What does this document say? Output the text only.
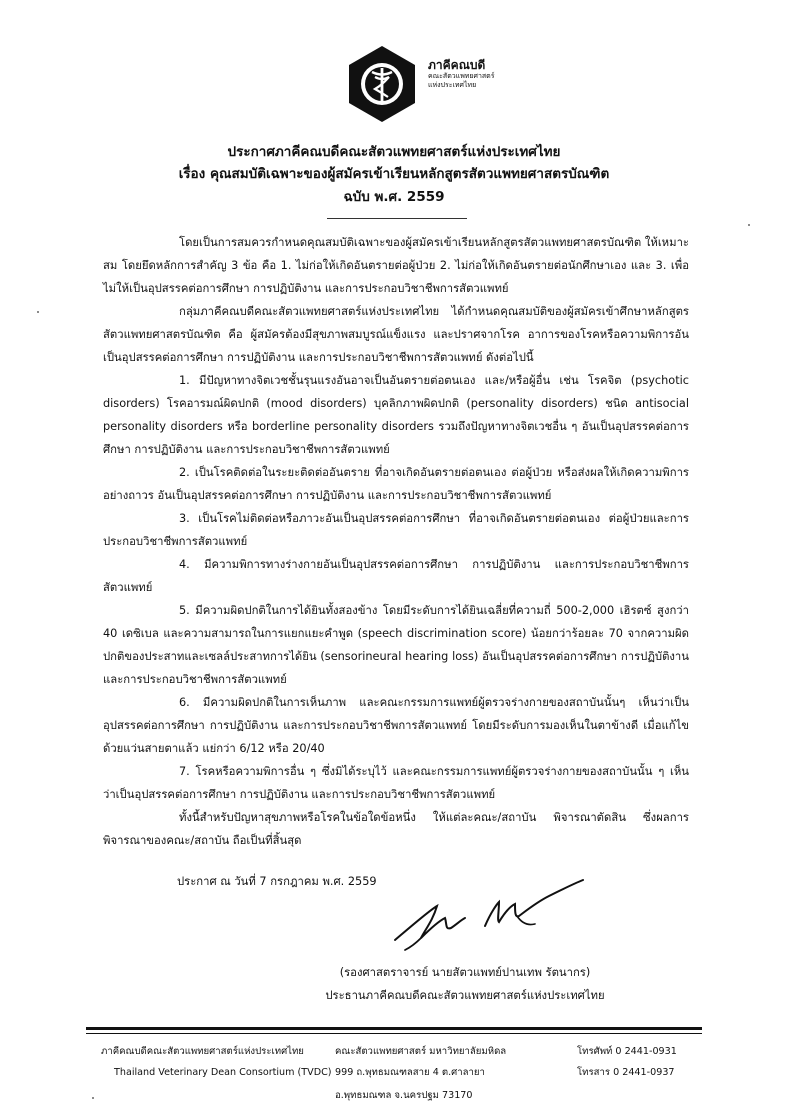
ภาคีคณบดี
คณะสัตวแพทยศาสตร์
แห่งประเทศไทย
ประกาศภาคีคณบดีคณะสัตวแพทยศาสตร์แห่งประเทศไทย
เรื่อง คุณสมบัติเฉพาะของผู้สมัครเข้าเรียนหลักสูตรสัตวแพทยศาสตรบัณฑิต
ฉบับ พ.ศ. 2559

โดยเป็นการสมควรกำหนดคุณสมบัติเฉพาะของผู้สมัครเข้าเรียนหลักสูตรสัตวแพทยศาสตรบัณฑิต ให้เหมาะสม โดยยึดหลักการสำคัญ 3 ข้อ คือ 1. ไม่ก่อให้เกิดอันตรายต่อผู้ป่วย 2. ไม่ก่อให้เกิดอันตรายต่อนักศึกษาเอง และ 3. เพื่อไม่ให้เป็นอุปสรรคต่อการศึกษา การปฏิบัติงาน และการประกอบวิชาชีพการสัตวแพทย์

กลุ่มภาคีคณบดีคณะสัตวแพทยศาสตร์แห่งประเทศไทย ได้กำหนดคุณสมบัติของผู้สมัครเข้าศึกษาหลักสูตรสัตวแพทยศาสตรบัณฑิต คือ ผู้สมัครต้องมีสุขภาพสมบูรณ์แข็งแรง และปราศจากโรค อาการของโรคหรือความพิการอันเป็นอุปสรรคต่อการศึกษา การปฏิบัติงาน และการประกอบวิชาชีพการสัตวแพทย์ ดังต่อไปนี้

1. มีปัญหาทางจิตเวชชั้นรุนแรงอันอาจเป็นอันตรายต่อตนเอง และ/หรือผู้อื่น เช่น โรคจิต (psychotic disorders) โรคอารมณ์ผิดปกติ (mood disorders) บุคลิกภาพผิดปกติ (personality disorders) ชนิด antisocial personality disorders หรือ borderline personality disorders รวมถึงปัญหาทางจิตเวชอื่น ๆ อันเป็นอุปสรรคต่อการศึกษา การปฏิบัติงาน และการประกอบวิชาชีพการสัตวแพทย์

2. เป็นโรคติดต่อในระยะติดต่ออันตราย ที่อาจเกิดอันตรายต่อตนเอง ต่อผู้ป่วย หรือส่งผลให้เกิดความพิการอย่างถาวร อันเป็นอุปสรรคต่อการศึกษา การปฏิบัติงาน และการประกอบวิชาชีพการสัตวแพทย์

3. เป็นโรคไม่ติดต่อหรือภาวะอันเป็นอุปสรรคต่อการศึกษา ที่อาจเกิดอันตรายต่อตนเอง ต่อผู้ป่วยและการประกอบวิชาชีพการสัตวแพทย์

4. มีความพิการทางร่างกายอันเป็นอุปสรรคต่อการศึกษา การปฏิบัติงาน และการประกอบวิชาชีพการสัตวแพทย์

5. มีความผิดปกติในการได้ยินทั้งสองข้าง โดยมีระดับการได้ยินเฉลี่ยที่ความถี่ 500-2,000 เฮิรตซ์ สูงกว่า 40 เดซิเบล และความสามารถในการแยกแยะคำพูด (speech discrimination score) น้อยกว่าร้อยละ 70 จากความผิดปกติของประสาทและเซลล์ประสาทการได้ยิน (sensorineural hearing loss) อันเป็นอุปสรรคต่อการศึกษา การปฏิบัติงาน และการประกอบวิชาชีพการสัตวแพทย์

6. มีความผิดปกติในการเห็นภาพ และคณะกรรมการแพทย์ผู้ตรวจร่างกายของสถาบันนั้นๆ เห็นว่าเป็นอุปสรรคต่อการศึกษา การปฏิบัติงาน และการประกอบวิชาชีพการสัตวแพทย์ โดยมีระดับการมองเห็นในตาข้างดี เมื่อแก้ไขด้วยแว่นสายตาแล้ว แย่กว่า 6/12 หรือ 20/40

7. โรคหรือความพิการอื่น ๆ ซึ่งมิได้ระบุไว้ และคณะกรรมการแพทย์ผู้ตรวจร่างกายของสถาบันนั้น ๆ เห็นว่าเป็นอุปสรรคต่อการศึกษา การปฏิบัติงาน และการประกอบวิชาชีพการสัตวแพทย์

ทั้งนี้สำหรับปัญหาสุขภาพหรือโรคในข้อใดข้อหนึ่ง ให้แต่ละคณะ/สถาบัน พิจารณาตัดสิน ซึ่งผลการพิจารณาของคณะ/สถาบัน ถือเป็นที่สิ้นสุด

ประกาศ ณ วันที่ 7 กรกฎาคม พ.ศ. 2559
(รองศาสตราจารย์ นายสัตวแพทย์ปานเทพ รัตนากร)
ประธานภาคีคณบดีคณะสัตวแพทยศาสตร์แห่งประเทศไทย
ภาคีคณบดีคณะสัตวแพทยศาสตร์แห่งประเทศไทย
Thailand Veterinary Dean Consortium (TVDC)
คณะสัตวแพทยศาสตร์ มหาวิทยาลัยมหิดล
999 ถ.พุทธมณฑลสาย 4 ต.ศาลายา
อ.พุทธมณฑล จ.นครปฐม 73170
โทรศัพท์ 0 2441-0931
โทรสาร 0 2441-0937
